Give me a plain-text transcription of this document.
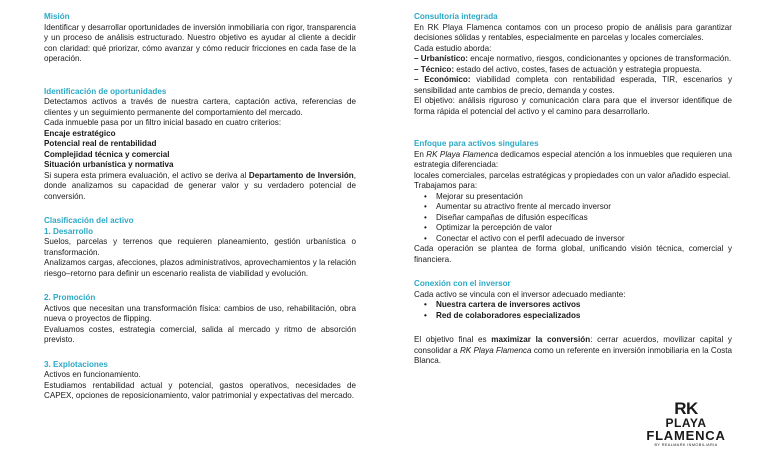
Misión

Identificar y desarrollar oportunidades de inversión inmobiliaria con rigor, transparencia y un proceso de análisis estructurado. Nuestro objetivo es ayudar al cliente a decidir con claridad: qué priorizar, cómo avanzar y cómo reducir fricciones en cada fase de la operación.

Identificación de oportunidades

Detectamos activos a través de nuestra cartera, captación activa, referencias de clientes y un seguimiento permanente del comportamiento del mercado.

Cada inmueble pasa por un filtro inicial basado en cuatro criterios:

Encaje estratégico

Potencial real de rentabilidad

Complejidad técnica y comercial

Situación urbanística y normativa

Si supera esta primera evaluación, el activo se deriva al Departamento de Inversión, donde analizamos su capacidad de generar valor y su verdadero potencial de conversión.

Clasificación del activo

1. Desarrollo

Suelos, parcelas y terrenos que requieren planeamiento, gestión urbanística o transformación.

Analizamos cargas, afecciones, plazos administrativos, aprovechamientos y la relación riesgo–retorno para definir un escenario realista de viabilidad y evolución.

2. Promoción

Activos que necesitan una transformación física: cambios de uso, rehabilitación, obra nueva o proyectos de flipping.

Evaluamos costes, estrategia comercial, salida al mercado y ritmo de absorción previsto.

3. Explotaciones

Activos en funcionamiento.

Estudiamos rentabilidad actual y potencial, gastos operativos, necesidades de CAPEX, opciones de reposicionamiento, valor patrimonial y expectativas del mercado.

Consultoría integrada

En RK Playa Flamenca contamos con un proceso propio de análisis para garantizar decisiones sólidas y rentables, especialmente en parcelas y locales comerciales.

Cada estudio aborda:

– Urbanístico: encaje normativo, riesgos, condicionantes y opciones de transformación.

– Técnico: estado del activo, costes, fases de actuación y estrategia propuesta.

– Económico: viabilidad completa con rentabilidad esperada, TIR, escenarios y sensibilidad ante cambios de precio, demanda y costes.

El objetivo: análisis riguroso y comunicación clara para que el inversor identifique de forma rápida el potencial del activo y el camino para desarrollarlo.

Enfoque para activos singulares

En RK Playa Flamenca dedicamos especial atención a los inmuebles que requieren una estrategia diferenciada:

locales comerciales, parcelas estratégicas y propiedades con un valor añadido especial.

Trabajamos para:

• Mejorar su presentación

• Aumentar su atractivo frente al mercado inversor

• Diseñar campañas de difusión específicas

• Optimizar la percepción de valor

• Conectar el activo con el perfil adecuado de inversor

Cada operación se plantea de forma global, unificando visión técnica, comercial y financiera.

Conexión con el inversor

Cada activo se vincula con el inversor adecuado mediante:

• Nuestra cartera de inversores activos

• Red de colaboradores especializados

El objetivo final es maximizar la conversión: cerrar acuerdos, movilizar capital y consolidar a RK Playa Flamenca como un referente en inversión inmobiliaria en la Costa Blanca.

RK
PLAYA
FLAMENCA
BY REALMARK INMOBILIARIA
